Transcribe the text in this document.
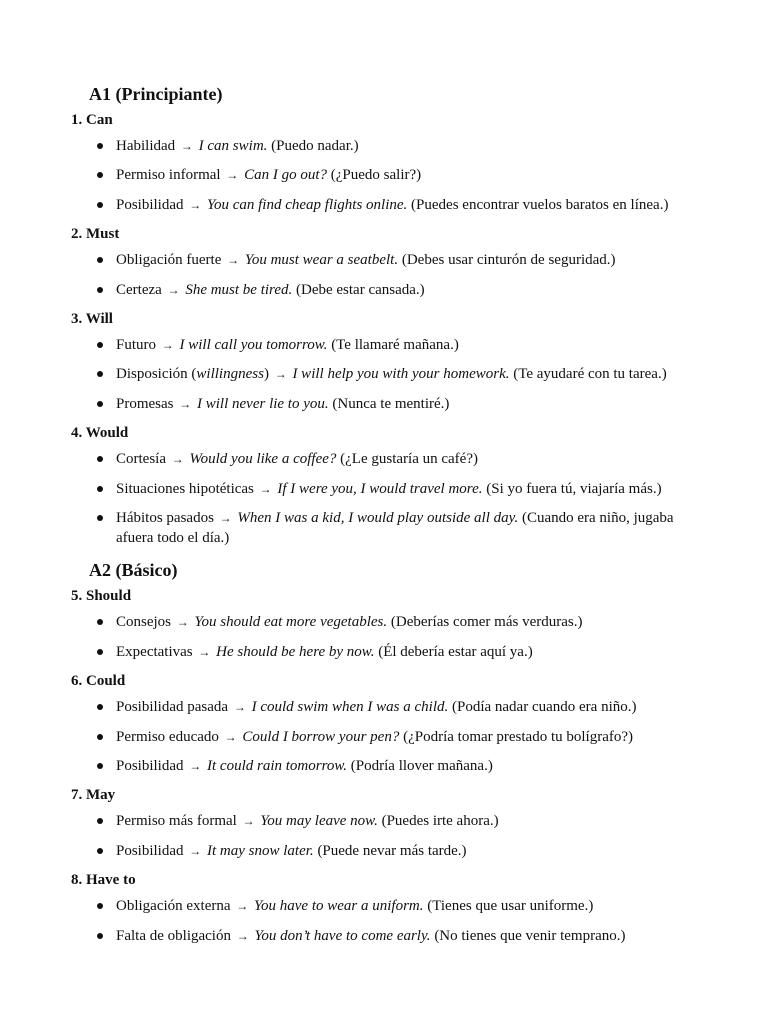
A1 (Principiante)
1. Can

Habilidad → I can swim. (Puedo nadar.)

Permiso informal → Can I go out? (¿Puedo salir?)

Posibilidad → You can find cheap flights online. (Puedes encontrar vuelos baratos en línea.)

2. Must

Obligación fuerte → You must wear a seatbelt. (Debes usar cinturón de seguridad.)

Certeza → She must be tired. (Debe estar cansada.)

3. Will

Futuro → I will call you tomorrow. (Te llamaré mañana.)

Disposición (willingness) → I will help you with your homework. (Te ayudaré con tu tarea.)

Promesas → I will never lie to you. (Nunca te mentiré.)

4. Would

Cortesía → Would you like a coffee? (¿Le gustaría un café?)

Situaciones hipotéticas → If I were you, I would travel more. (Si yo fuera tú, viajaría más.)

Hábitos pasados → When I was a kid, I would play outside all day. (Cuando era niño, jugaba afuera todo el día.)

A2 (Básico)
5. Should

Consejos → You should eat more vegetables. (Deberías comer más verduras.)

Expectativas → He should be here by now. (Él debería estar aquí ya.)

6. Could

Posibilidad pasada → I could swim when I was a child. (Podía nadar cuando era niño.)

Permiso educado → Could I borrow your pen? (¿Podría tomar prestado tu bolígrafo?)

Posibilidad → It could rain tomorrow. (Podría llover mañana.)

7. May

Permiso más formal → You may leave now. (Puedes irte ahora.)

Posibilidad → It may snow later. (Puede nevar más tarde.)

8. Have to

Obligación externa → You have to wear a uniform. (Tienes que usar uniforme.)

Falta de obligación → You don’t have to come early. (No tienes que venir temprano.)
